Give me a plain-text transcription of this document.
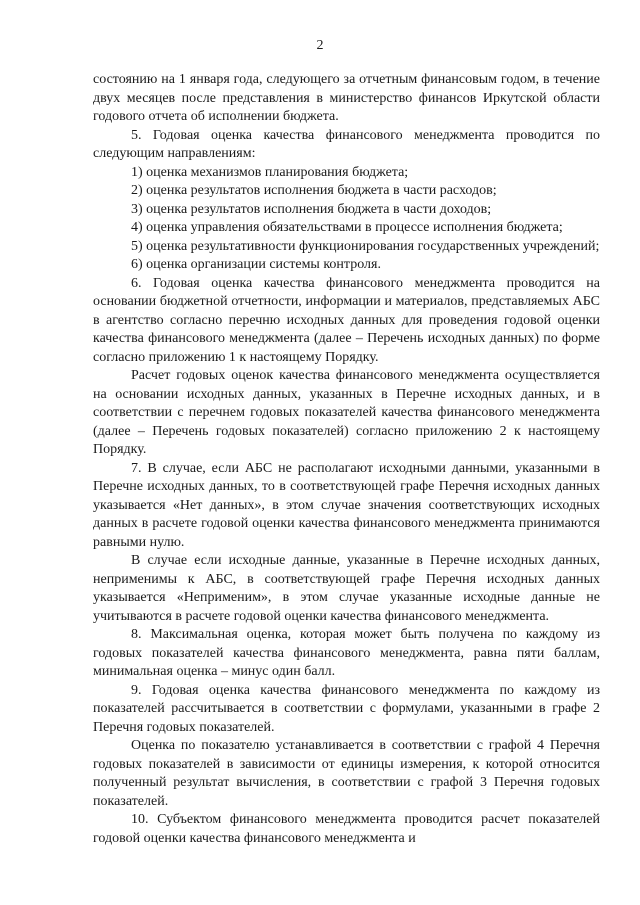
2

состоянию на 1 января года, следующего за отчетным финансовым годом, в течение двух месяцев после представления в министерство финансов Иркутской области годового отчета об исполнении бюджета.

5. Годовая оценка качества финансового менеджмента проводится по следующим направлениям:

1) оценка механизмов планирования бюджета;

2) оценка результатов исполнения бюджета в части расходов;

3) оценка результатов исполнения бюджета в части доходов;

4) оценка управления обязательствами в процессе исполнения бюджета;

5) оценка результативности функционирования государственных учреждений;

6) оценка организации системы контроля.

6. Годовая оценка качества финансового менеджмента проводится на основании бюджетной отчетности, информации и материалов, представляемых АБС в агентство согласно перечню исходных данных для проведения годовой оценки качества финансового менеджмента (далее – Перечень исходных данных) по форме согласно приложению 1 к настоящему Порядку.

Расчет годовых оценок качества финансового менеджмента осуществляется на основании исходных данных, указанных в Перечне исходных данных, и в соответствии с перечнем годовых показателей качества финансового менеджмента (далее – Перечень годовых показателей) согласно приложению 2 к настоящему Порядку.

7. В случае, если АБС не располагают исходными данными, указанными в Перечне исходных данных, то в соответствующей графе Перечня исходных данных указывается «Нет данных», в этом случае значения соответствующих исходных данных в расчете годовой оценки качества финансового менеджмента принимаются равными нулю.

В случае если исходные данные, указанные в Перечне исходных данных, неприменимы к АБС, в соответствующей графе Перечня исходных данных указывается «Неприменим», в этом случае указанные исходные данные не учитываются в расчете годовой оценки качества финансового менеджмента.

8. Максимальная оценка, которая может быть получена по каждому из годовых показателей качества финансового менеджмента, равна пяти баллам, минимальная оценка – минус один балл.

9. Годовая оценка качества финансового менеджмента по каждому из показателей рассчитывается в соответствии с формулами, указанными в графе 2 Перечня годовых показателей.

Оценка по показателю устанавливается в соответствии с графой 4 Перечня годовых показателей в зависимости от единицы измерения, к которой относится полученный результат вычисления, в соответствии с графой 3 Перечня годовых показателей.

10. Субъектом финансового менеджмента проводится расчет показателей годовой оценки качества финансового менеджмента и
